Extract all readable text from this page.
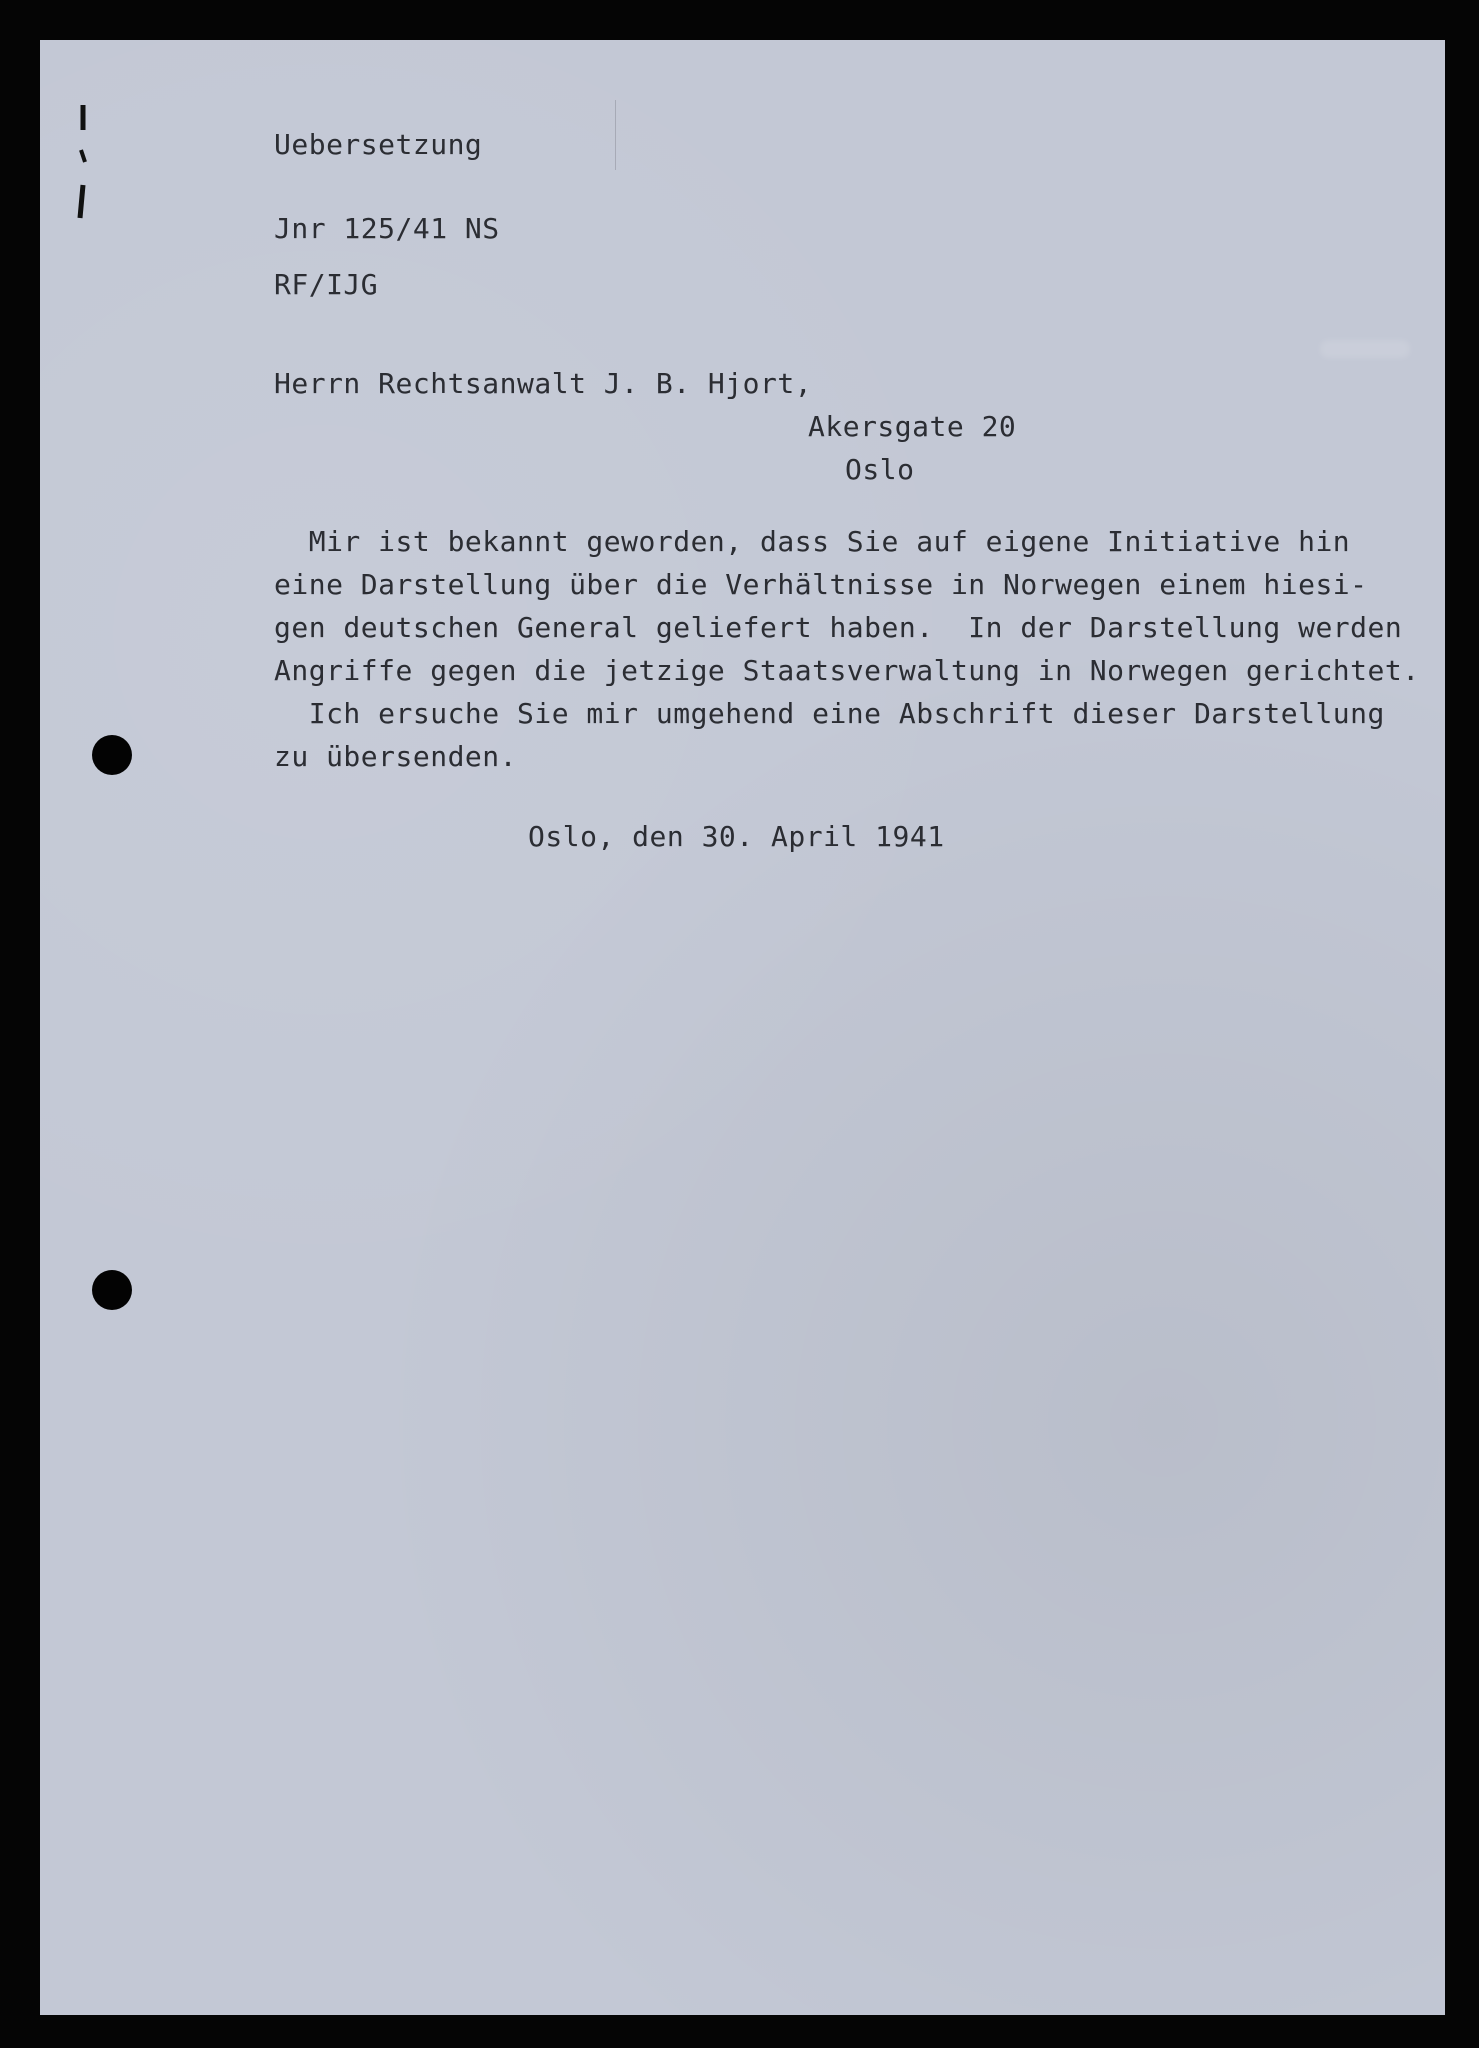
Uebersetzung
Jnr 125/41 NS
RF/IJG
Herrn Rechtsanwalt J. B. Hjort,
Akersgate 20
Oslo
Mir ist bekannt geworden, dass Sie auf eigene Initiative hin
eine Darstellung über die Verhältnisse in Norwegen einem hiesi-
gen deutschen General geliefert haben.  In der Darstellung werden
Angriffe gegen die jetzige Staatsverwaltung in Norwegen gerichtet.
Ich ersuche Sie mir umgehend eine Abschrift dieser Darstellung
zu übersenden.
Oslo, den 30. April 1941
